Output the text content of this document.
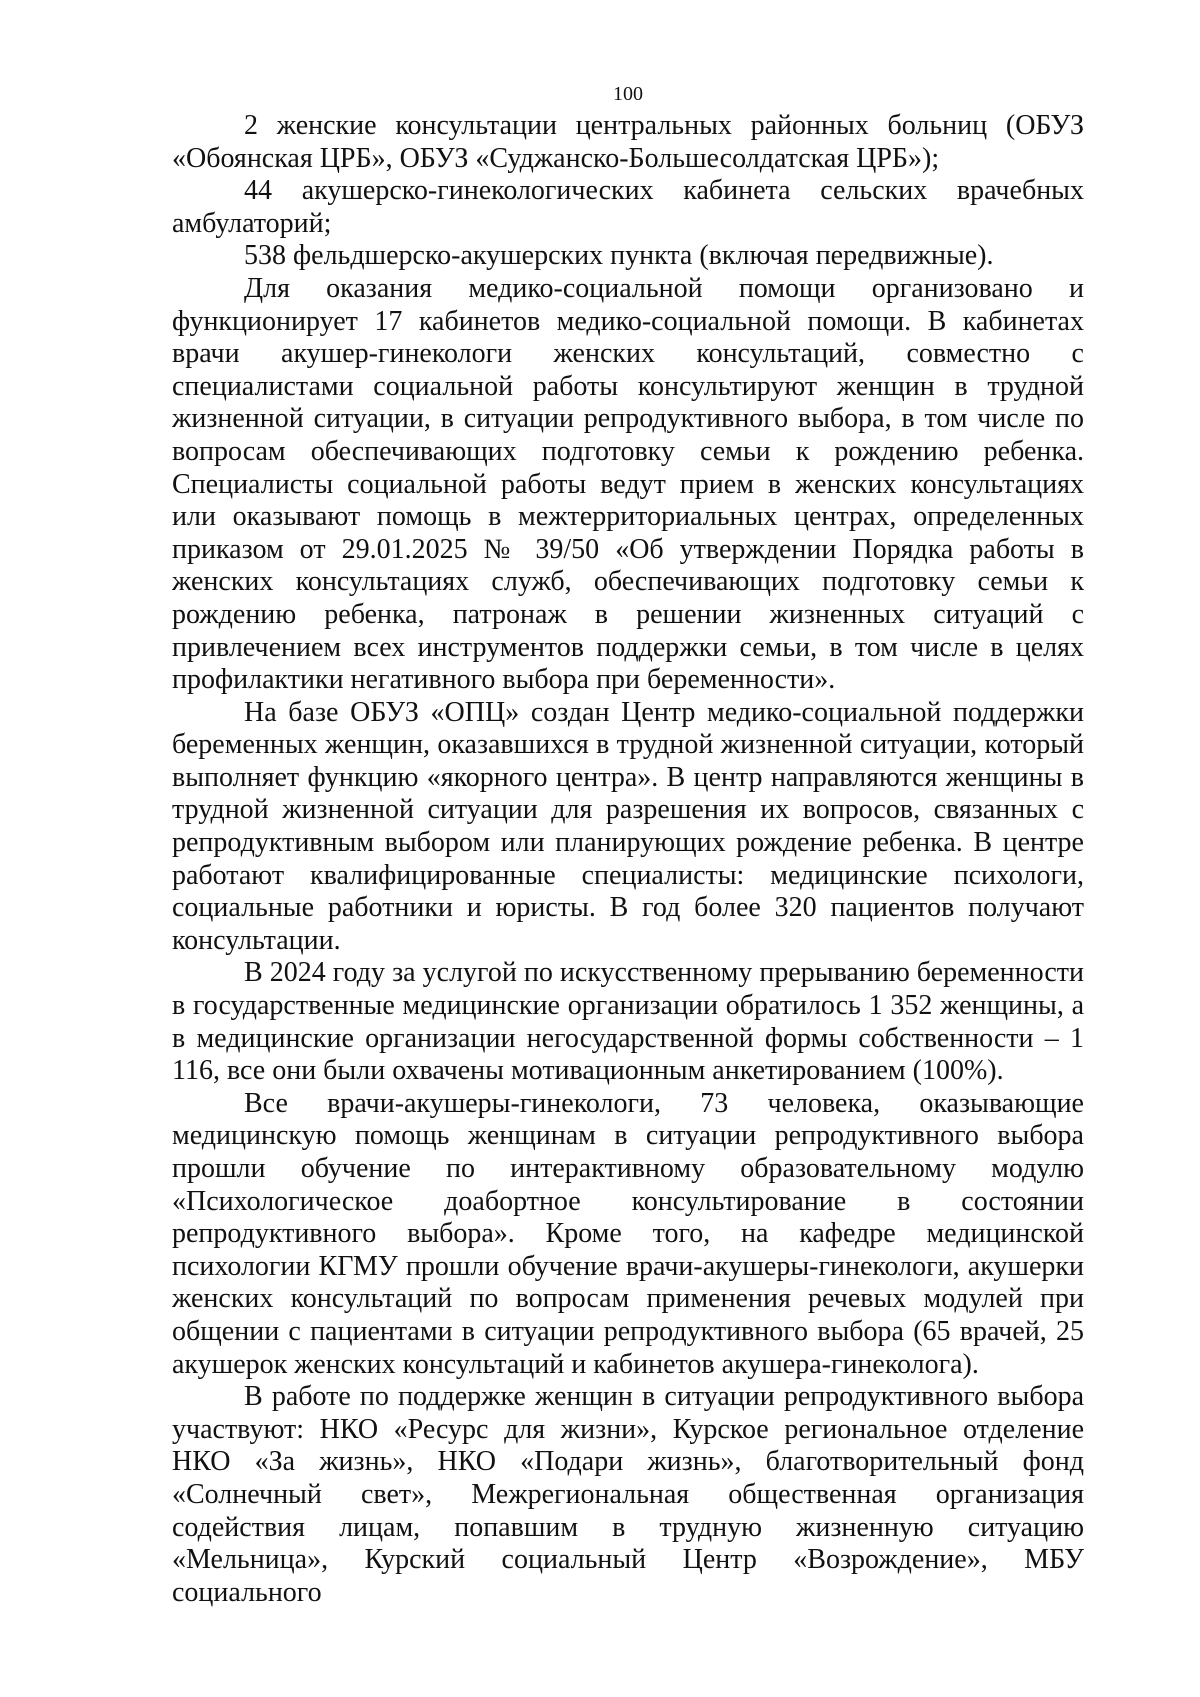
100

2 женские консультации центральных районных больниц (ОБУЗ «Обоянская ЦРБ», ОБУЗ «Суджанско-Большесолдатская ЦРБ»);

44 акушерско-гинекологических кабинета сельских врачебных амбулаторий;

538 фельдшерско-акушерских пункта (включая передвижные).

Для оказания медико-социальной помощи организовано и функционирует 17 кабинетов медико-социальной помощи. В кабинетах врачи акушер-гинекологи женских консультаций, совместно с специалистами социальной работы консультируют женщин в трудной жизненной ситуации, в ситуации репродуктивного выбора, в том числе по вопросам обеспечивающих подготовку семьи к рождению ребенка. Специалисты социальной работы ведут прием в женских консультациях или оказывают помощь в межтерриториальных центрах, определенных приказом от 29.01.2025 № 39/50 «Об утверждении Порядка работы в женских консультациях служб, обеспечивающих подготовку семьи к рождению ребенка, патронаж в решении жизненных ситуаций с привлечением всех инструментов поддержки семьи, в том числе в целях профилактики негативного выбора при беременности».

На базе ОБУЗ «ОПЦ» создан Центр медико-социальной поддержки беременных женщин, оказавшихся в трудной жизненной ситуации, который выполняет функцию «якорного центра». В центр направляются женщины в трудной жизненной ситуации для разрешения их вопросов, связанных с репродуктивным выбором или планирующих рождение ребенка. В центре работают квалифицированные специалисты: медицинские психологи, социальные работники и юристы. В год более 320 пациентов получают консультации.

В 2024 году за услугой по искусственному прерыванию беременности в государственные медицинские организации обратилось 1 352 женщины, а в медицинские организации негосударственной формы собственности – 1 116, все они были охвачены мотивационным анкетированием (100%).

Все врачи-акушеры-гинекологи, 73 человека, оказывающие медицинскую помощь женщинам в ситуации репродуктивного выбора прошли обучение по интерактивному образовательному модулю «Психологическое доабортное консультирование в состоянии репродуктивного выбора». Кроме того, на кафедре медицинской психологии КГМУ прошли обучение врачи-акушеры-гинекологи, акушерки женских консультаций по вопросам применения речевых модулей при общении с пациентами в ситуации репродуктивного выбора (65 врачей, 25 акушерок женских консультаций и кабинетов акушера-гинеколога).

В работе по поддержке женщин в ситуации репродуктивного выбора участвуют: НКО «Ресурс для жизни», Курское региональное отделение НКО «За жизнь», НКО «Подари жизнь», благотворительный фонд «Солнечный свет», Межрегиональная общественная организация содействия лицам, попавшим в трудную жизненную ситуацию «Мельница», Курский социальный Центр «Возрождение», МБУ социального
